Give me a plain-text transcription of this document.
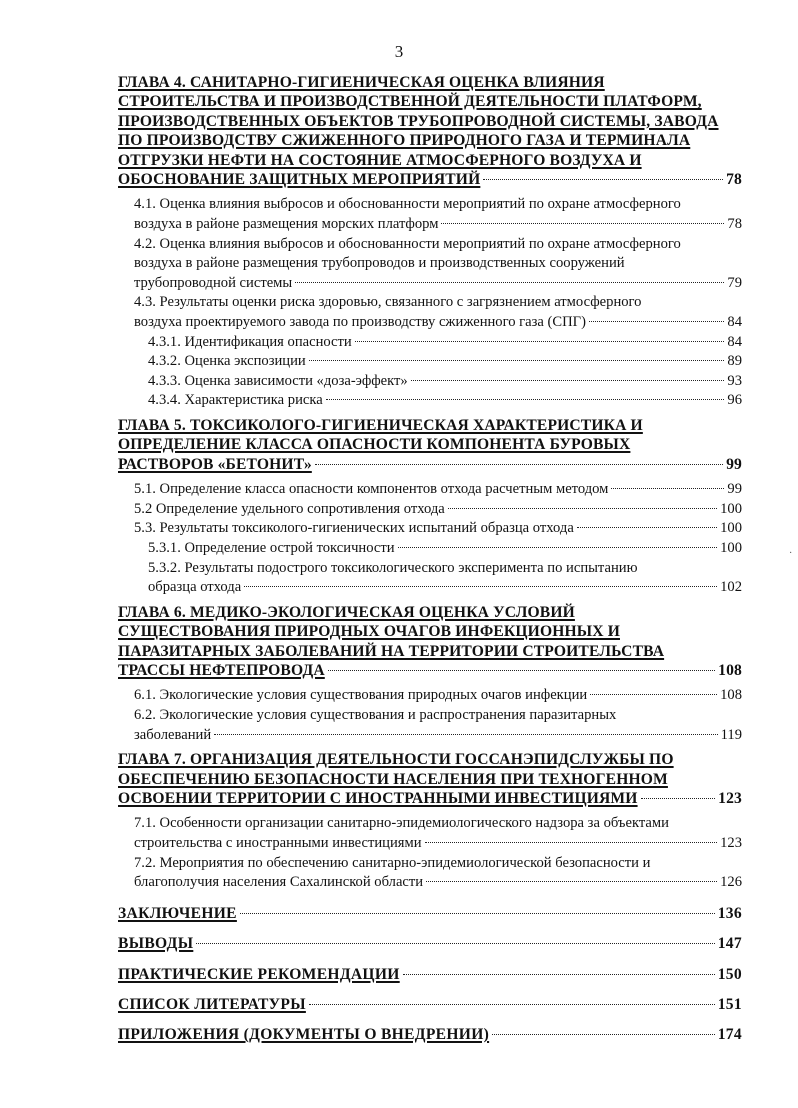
3
·
ГЛАВА 4. САНИТАРНО-ГИГИЕНИЧЕСКАЯ ОЦЕНКА ВЛИЯНИЯ
СТРОИТЕЛЬСТВА И ПРОИЗВОДСТВЕННОЙ ДЕЯТЕЛЬНОСТИ ПЛАТФОРМ,
ПРОИЗВОДСТВЕННЫХ ОБЪЕКТОВ ТРУБОПРОВОДНОЙ СИСТЕМЫ, ЗАВОДА
ПО ПРОИЗВОДСТВУ СЖИЖЕННОГО ПРИРОДНОГО ГАЗА И ТЕРМИНАЛА
ОТГРУЗКИ НЕФТИ НА СОСТОЯНИЕ АТМОСФЕРНОГО ВОЗДУХА И
ОБОСНОВАНИЕ ЗАЩИТНЫХ МЕРОПРИЯТИЙ	78
4.1. Оценка влияния выбросов и обоснованности мероприятий по охране атмосферного
воздуха в районе размещения морских платформ	78
4.2. Оценка влияния выбросов и обоснованности мероприятий по охране атмосферного
воздуха в районе размещения трубопроводов и производственных сооружений
трубопроводной системы	79
4.3. Результаты оценки риска здоровью, связанного с загрязнением атмосферного
воздуха проектируемого завода по производству сжиженного газа (СПГ)	84
4.3.1. Идентификация опасности	84
4.3.2. Оценка экспозиции	89
4.3.3. Оценка зависимости «доза-эффект»	93
4.3.4. Характеристика риска	96
ГЛАВА 5. ТОКСИКОЛОГО-ГИГИЕНИЧЕСКАЯ ХАРАКТЕРИСТИКА И
ОПРЕДЕЛЕНИЕ КЛАССА ОПАСНОСТИ КОМПОНЕНТА БУРОВЫХ
РАСТВОРОВ «БЕТОНИТ»	99
5.1. Определение класса опасности компонентов отхода расчетным методом	99
5.2 Определение удельного сопротивления отхода	100
5.3. Результаты токсиколого-гигиенических испытаний образца отхода	100
5.3.1. Определение острой токсичности	100
5.3.2. Результаты подострого токсикологического эксперимента по испытанию
образца отхода	102
ГЛАВА 6. МЕДИКО-ЭКОЛОГИЧЕСКАЯ ОЦЕНКА УСЛОВИЙ
СУЩЕСТВОВАНИЯ ПРИРОДНЫХ ОЧАГОВ ИНФЕКЦИОННЫХ И
ПАРАЗИТАРНЫХ ЗАБОЛЕВАНИЙ НА ТЕРРИТОРИИ СТРОИТЕЛЬСТВА
ТРАССЫ НЕФТЕПРОВОДА	108
6.1. Экологические условия существования природных очагов инфекции	108
6.2. Экологические условия существования и распространения паразитарных
заболеваний	119
ГЛАВА 7. ОРГАНИЗАЦИЯ ДЕЯТЕЛЬНОСТИ ГОССАНЭПИДСЛУЖБЫ ПО
ОБЕСПЕЧЕНИЮ БЕЗОПАСНОСТИ НАСЕЛЕНИЯ ПРИ ТЕХНОГЕННОМ
ОСВОЕНИИ ТЕРРИТОРИИ С ИНОСТРАННЫМИ ИНВЕСТИЦИЯМИ	123
7.1. Особенности организации санитарно-эпидемиологического надзора за объектами
строительства с иностранными инвестициями	123
7.2. Мероприятия по обеспечению санитарно-эпидемиологической безопасности и
благополучия населения Сахалинской области	126
ЗАКЛЮЧЕНИЕ	136
ВЫВОДЫ	147
ПРАКТИЧЕСКИЕ РЕКОМЕНДАЦИИ	150
СПИСОК ЛИТЕРАТУРЫ	151
ПРИЛОЖЕНИЯ (ДОКУМЕНТЫ О ВНЕДРЕНИИ)	174
